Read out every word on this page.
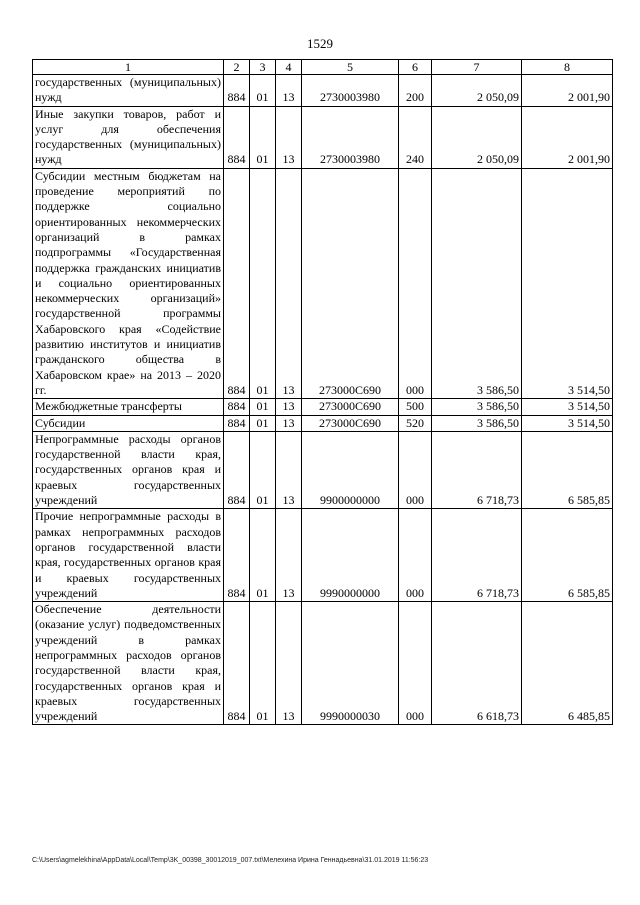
1529
1	2	3	4	5	6	7	8

государственных (муниципальных) нужд	884	01	13	2730003980	200	2 050,09	2 001,90

Иные закупки товаров, работ и услуг для обеспечения государственных (муниципальных) нужд	884	01	13	2730003980	240	2 050,09	2 001,90

Субсидии местным бюджетам на проведение мероприятий по поддержке социально ориентированных некоммерческих организаций в рамках подпрограммы «Государственная поддержка гражданских инициатив и социально ориентированных некоммерческих организаций» государственной программы Хабаровского края «Содействие развитию институтов и инициатив гражданского общества в Хабаровском крае» на 2013 – 2020 гг.	884	01	13	273000С690	000	3 586,50	3 514,50

Межбюджетные трансферты	884	01	13	273000С690	500	3 586,50	3 514,50

Субсидии	884	01	13	273000С690	520	3 586,50	3 514,50

Непрограммные расходы органов государственной власти края, государственных органов края и краевых государственных учреждений	884	01	13	9900000000	000	6 718,73	6 585,85

Прочие непрограммные расходы в рамках непрограммных расходов органов государственной власти края, государственных органов края и краевых государственных учреждений	884	01	13	9990000000	000	6 718,73	6 585,85

Обеспечение деятельности (оказание услуг) подведомственных учреждений в рамках непрограммных расходов органов государственной власти края, государственных органов края и краевых государственных учреждений	884	01	13	9990000030	000	6 618,73	6 485,85
C:\Users\agmelekhina\AppData\Local\Temp\3K_00398_30012019_007.txt\Мелехина Ирина Геннадьевна\31.01.2019 11:56:23
